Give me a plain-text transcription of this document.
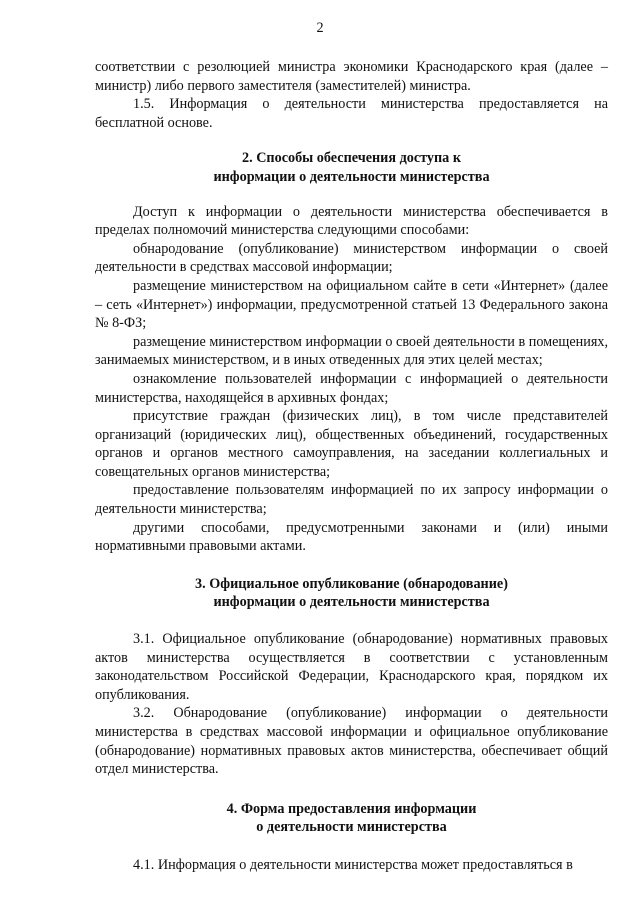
2

соответствии с резолюцией министра экономики Краснодарского края (далее – министр) либо первого заместителя (заместителей) министра.

1.5. Информация о деятельности министерства предоставляется на бесплатной основе.

2. Способы обеспечения доступа к
информации о деятельности министерства

Доступ к информации о деятельности министерства обеспечивается в пределах полномочий министерства следующими способами:

обнародование (опубликование) министерством информации о своей деятельности в средствах массовой информации;

размещение министерством на официальном сайте в сети «Интернет» (далее – сеть «Интернет») информации, предусмотренной статьей 13 Федерального закона № 8-ФЗ;

размещение министерством информации о своей деятельности в помещениях, занимаемых министерством, и в иных отведенных для этих целей местах;

ознакомление пользователей информации с информацией о деятельности министерства, находящейся в архивных фондах;

присутствие граждан (физических лиц), в том числе представителей организаций (юридических лиц), общественных объединений, государственных органов и органов местного самоуправления, на заседании коллегиальных и совещательных органов министерства;

предоставление пользователям информацией по их запросу информации о деятельности министерства;

другими способами, предусмотренными законами и (или) иными нормативными правовыми актами.

3. Официальное опубликование (обнародование)
информации о деятельности министерства

3.1. Официальное опубликование (обнародование) нормативных правовых актов министерства осуществляется в соответствии с установленным законодательством Российской Федерации, Краснодарского края, порядком их опубликования.

3.2. Обнародование (опубликование) информации о деятельности министерства в средствах массовой информации и официальное опубликование (обнародование) нормативных правовых актов министерства, обеспечивает общий отдел министерства.

4. Форма предоставления информации
о деятельности министерства

4.1. Информация о деятельности министерства может предоставляться в
